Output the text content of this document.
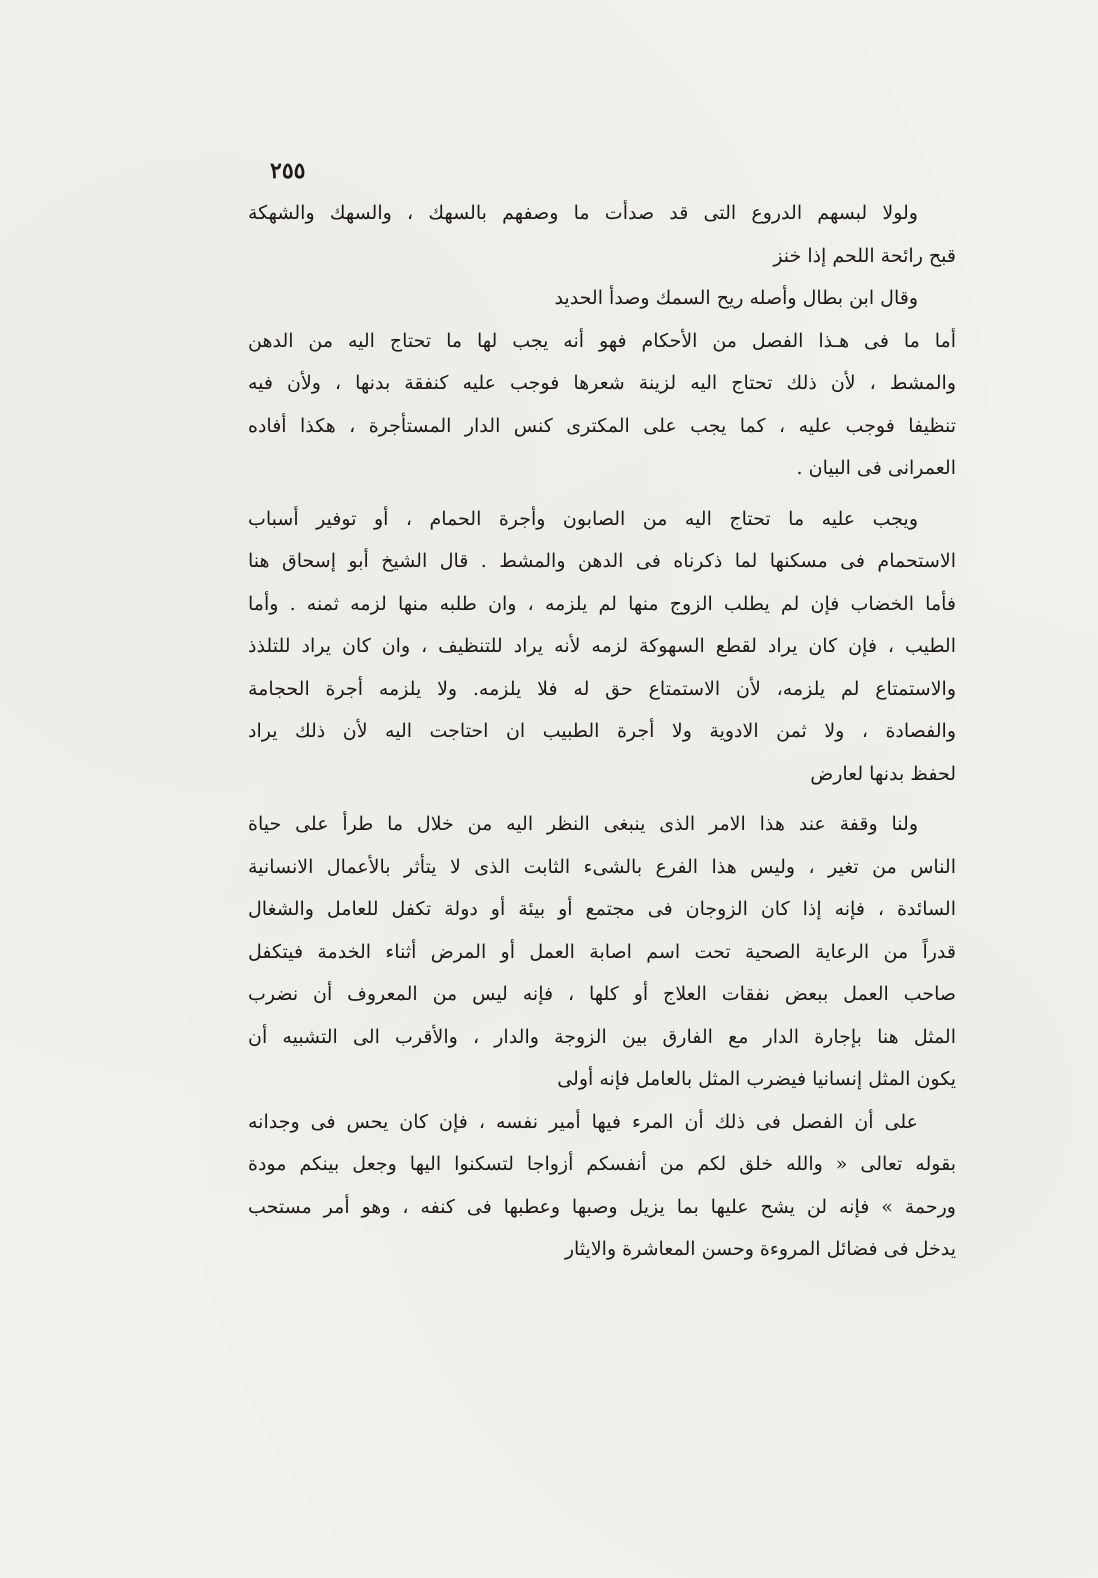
٢٥٥
ولولا لبسهم الدروع التى قد صدأت ما وصفهم بالسهك ، والسهك والشهكة
قبح رائحة اللحم إذا خنز
وقال ابن بطال وأصله ريح السمك وصدأ الحديد
أما ما فى هـذا الفصل من الأحكام فهو أنه يجب لها ما تحتاج اليه من الدهن
والمشط ، لأن ذلك تحتاج اليه لزينة شعرها فوجب عليه كنفقة بدنها ، ولأن فيه
تنظيفا فوجب عليه ، كما يجب على المكترى كنس الدار المستأجرة ، هكذا أفاده
العمرانى فى البيان .
ويجب عليه ما تحتاج اليه من الصابون وأجرة الحمام ، أو توفير أسباب
الاستحمام فى مسكنها لما ذكرناه فى الدهن والمشط . قال الشيخ أبو إسحاق هنا
فأما الخضاب فإن لم يطلب الزوج منها لم يلزمه ، وان طلبه منها لزمه ثمنه . وأما
الطيب ، فإن كان يراد لقطع السهوكة لزمه لأنه يراد للتنظيف ، وان كان يراد للتلذذ
والاستمتاع لم يلزمه، لأن الاستمتاع حق له فلا يلزمه. ولا يلزمه أجرة الحجامة
والفصادة ، ولا ثمن الادوية ولا أجرة الطبيب ان احتاجت اليه لأن ذلك يراد
لحفظ بدنها لعارض
ولنا وقفة عند هذا الامر الذى ينبغى النظر اليه من خلال ما طرأ على حياة
الناس من تغير ، وليس هذا الفرع بالشىء الثابت الذى لا يتأثر بالأعمال الانسانية
السائدة ، فإنه إذا كان الزوجان فى مجتمع أو بيئة أو دولة تكفل للعامل والشغال
قدراً من الرعاية الصحية تحت اسم اصابة العمل أو المرض أثناء الخدمة فيتكفل
صاحب العمل ببعض نفقات العلاج أو كلها ، فإنه ليس من المعروف أن نضرب
المثل هنا بإجارة الدار مع الفارق بين الزوجة والدار ، والأقرب الى التشبيه أن
يكون المثل إنسانيا فيضرب المثل بالعامل فإنه أولى
على أن الفصل فى ذلك أن المرء فيها أمير نفسه ، فإن كان يحس فى وجدانه
بقوله تعالى « والله خلق لكم من أنفسكم أزواجا لتسكنوا اليها وجعل بينكم مودة
ورحمة » فإنه لن يشح عليها بما يزيل وصبها وعطبها فى كنفه ، وهو أمر مستحب
يدخل فى فضائل المروءة وحسن المعاشرة والايثار
